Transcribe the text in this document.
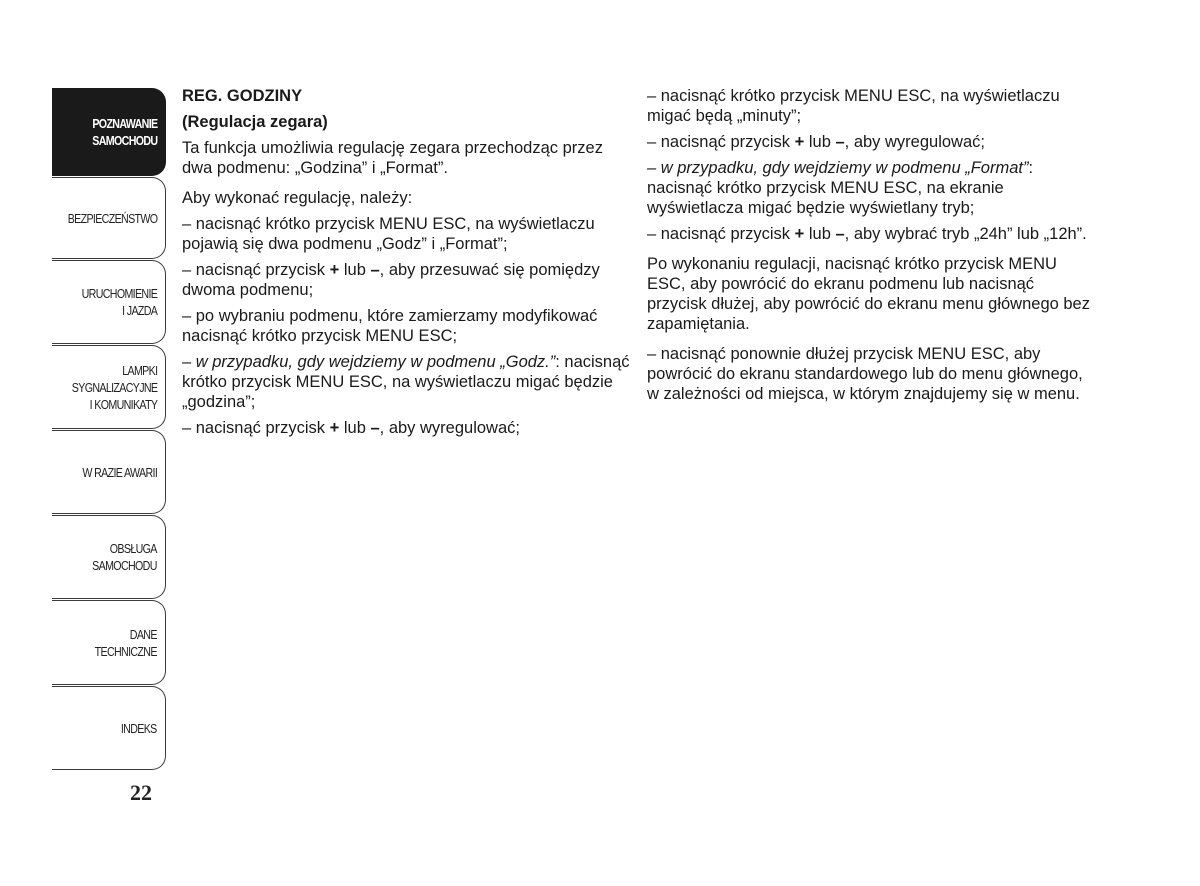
POZNAWANIE
SAMOCHODU
BEZPIECZEŃSTWO
URUCHOMIENIE
I JAZDA
LAMPKI
SYGNALIZACYJNE
I KOMUNIKATY
W RAZIE AWARII
OBSŁUGA
SAMOCHODU
DANE
TECHNICZNE
INDEKS
22

REG. GODZINY

(Regulacja zegara)

Ta funkcja umożliwia regulację zegara przechodząc przez dwa podmenu: „Godzina” i „Format”.

Aby wykonać regulację, należy:

– nacisnąć krótko przycisk MENU ESC, na wyświetlaczu pojawią się dwa podmenu „Godz” i „Format”;

– nacisnąć przycisk + lub –, aby przesuwać się pomiędzy dwoma podmenu;

– po wybraniu podmenu, które zamierzamy modyfikować nacisnąć krótko przycisk MENU ESC;

– w przypadku, gdy wejdziemy w podmenu „Godz.”: nacisnąć krótko przycisk MENU ESC, na wyświetlaczu migać będzie „godzina”;

– nacisnąć przycisk + lub –, aby wyregulować;

– nacisnąć krótko przycisk MENU ESC, na wyświetlaczu migać będą „minuty”;

– nacisnąć przycisk + lub –, aby wyregulować;

– w przypadku, gdy wejdziemy w podmenu „Format”: nacisnąć krótko przycisk MENU ESC, na ekranie wyświetlacza migać będzie wyświetlany tryb;

– nacisnąć przycisk + lub –, aby wybrać tryb „24h” lub „12h”.

Po wykonaniu regulacji, nacisnąć krótko przycisk MENU ESC, aby powrócić do ekranu podmenu lub nacisnąć przycisk dłużej, aby powrócić do ekranu menu głównego bez zapamiętania.

– nacisnąć ponownie dłużej przycisk MENU ESC, aby powrócić do ekranu standardowego lub do menu głównego, w zależności od miejsca, w którym znajdujemy się w menu.
